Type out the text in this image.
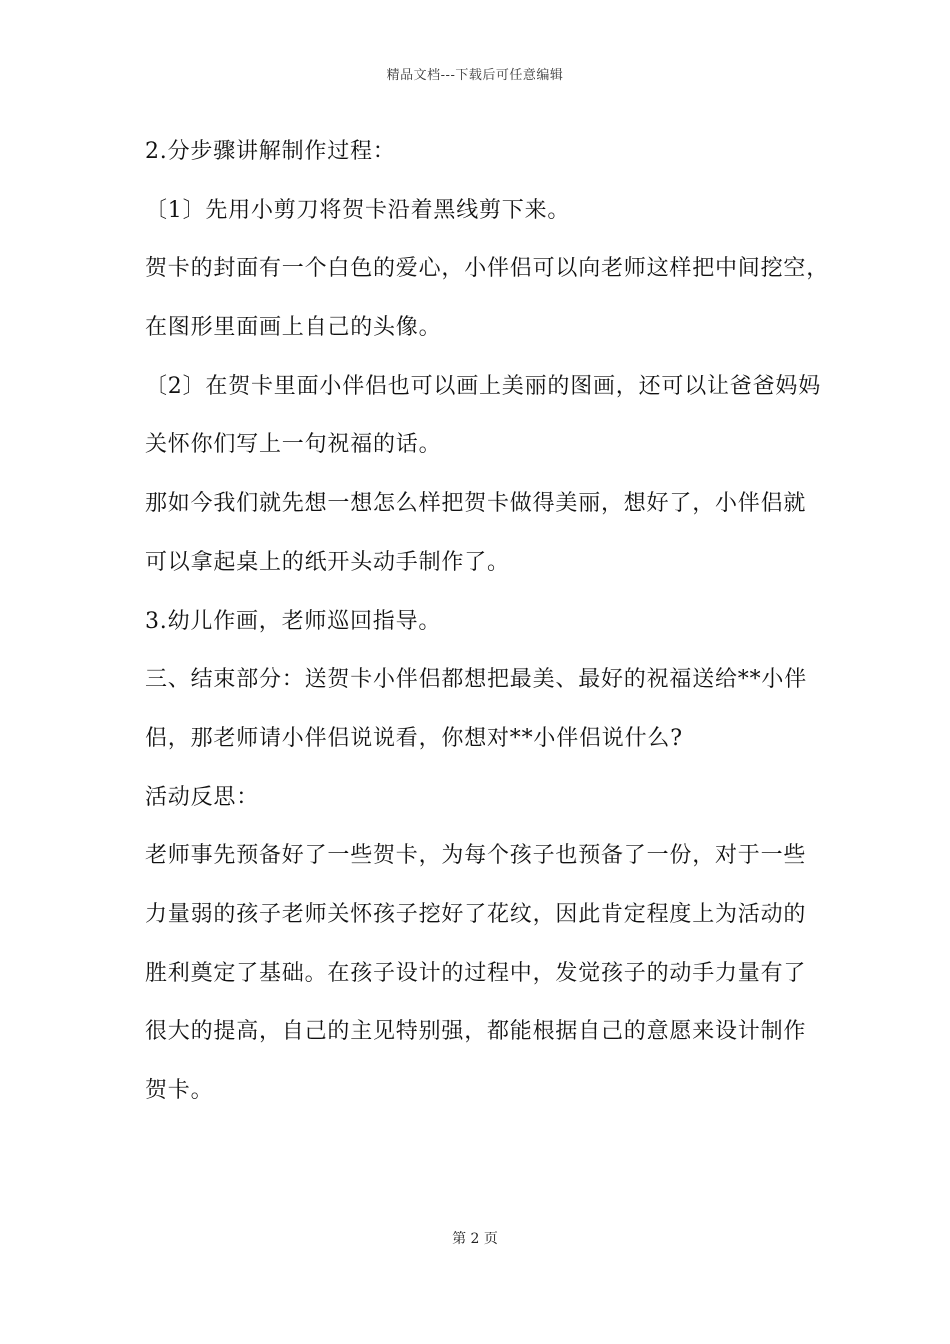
精品文档---下载后可任意编辑
2.分步骤讲解制作过程：
〔1〕先用小剪刀将贺卡沿着黑线剪下来。
贺卡的封面有一个白色的爱心，小伴侣可以向老师这样把中间挖空，
在图形里面画上自己的头像。
〔2〕在贺卡里面小伴侣也可以画上美丽的图画，还可以让爸爸妈妈
关怀你们写上一句祝福的话。
那如今我们就先想一想怎么样把贺卡做得美丽，想好了，小伴侣就
可以拿起桌上的纸开头动手制作了。
3.幼儿作画，老师巡回指导。
三、结束部分：送贺卡小伴侣都想把最美、最好的祝福送给**小伴
侣，那老师请小伴侣说说看，你想对**小伴侣说什么?
活动反思：
老师事先预备好了一些贺卡，为每个孩子也预备了一份，对于一些
力量弱的孩子老师关怀孩子挖好了花纹，因此肯定程度上为活动的
胜利奠定了基础。在孩子设计的过程中，发觉孩子的动手力量有了
很大的提高，自己的主见特别强，都能根据自己的意愿来设计制作
贺卡。
第 2 页
